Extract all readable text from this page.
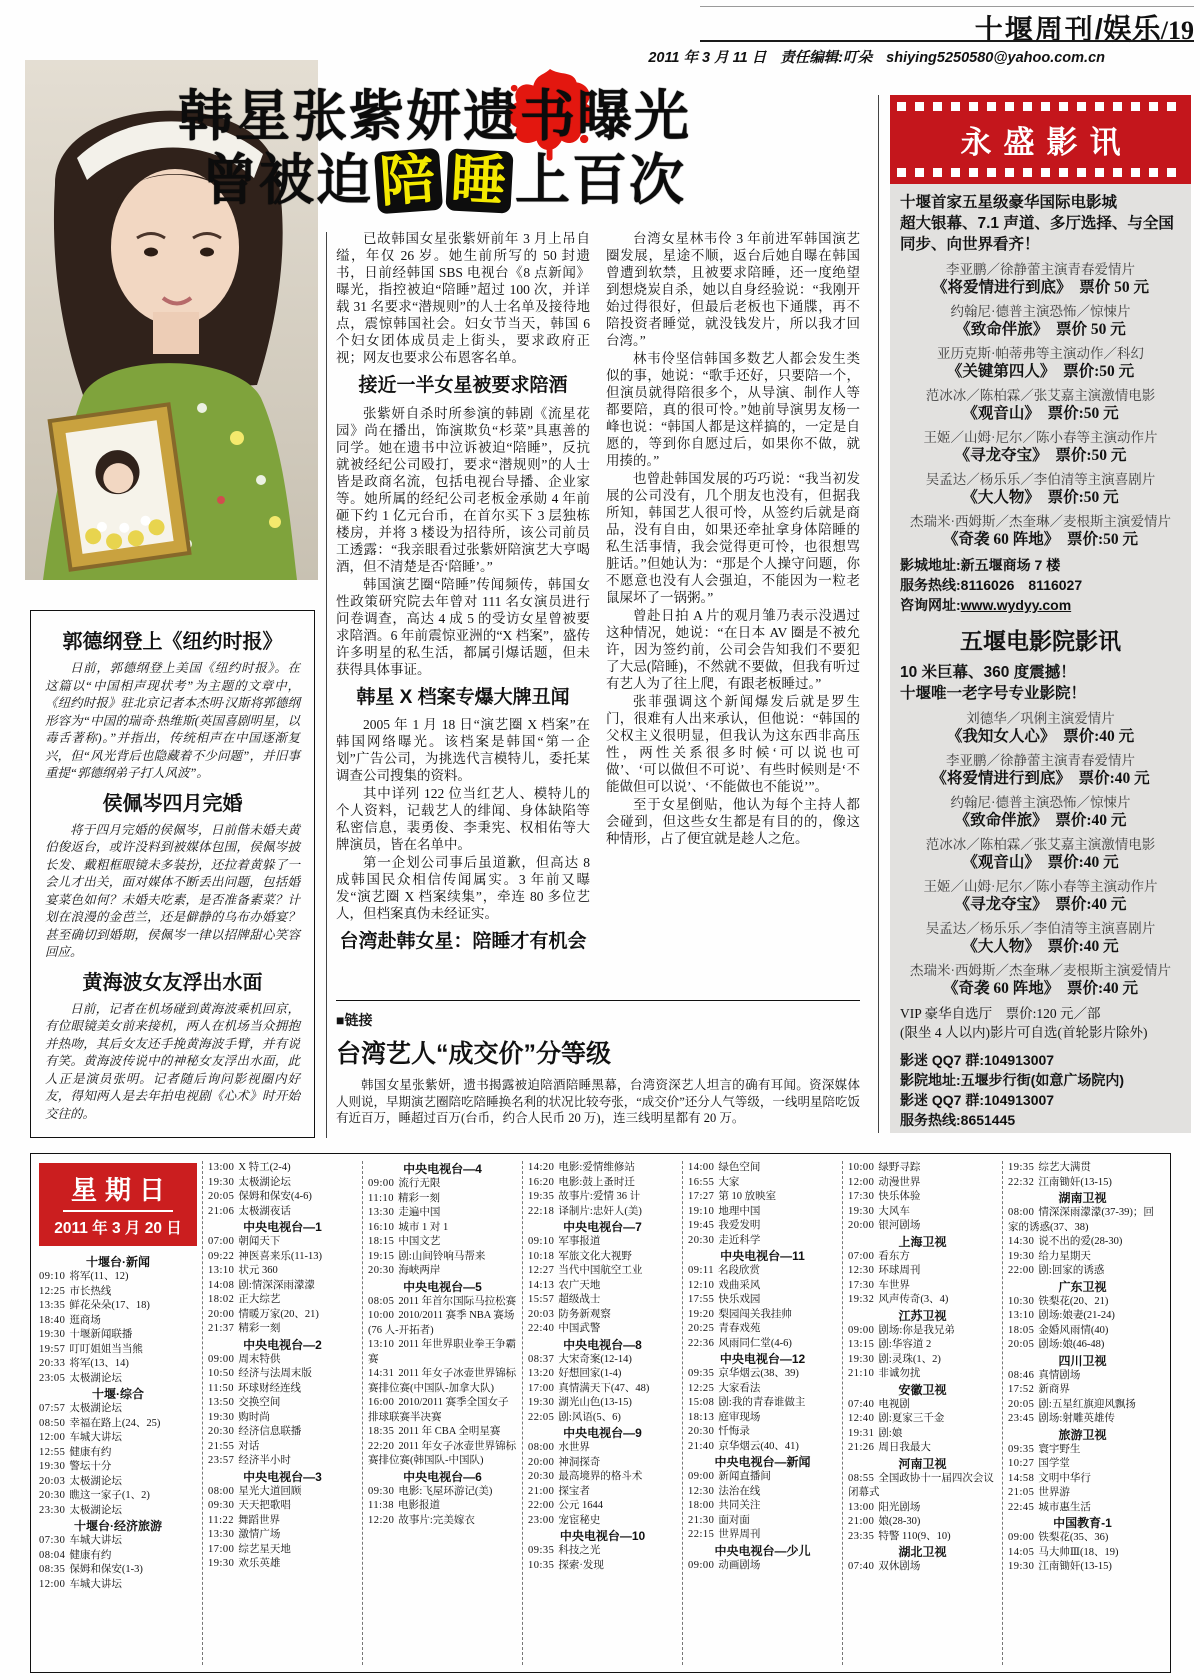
十堰周刊/娱乐/19
2011 年 3 月 11 日 责任编辑:叮朵 shiying5250580@yahoo.com.cn
韩星张紫妍遗
书曝光
曾被迫陪 睡上百次
已故韩国女星张紫妍前年 3 月上吊自缢，年仅 26 岁。她生前所写的 50 封遗书，日前经韩国 SBS 电视台《8 点新闻》曝光，指控被迫“陪睡”超过 100 次，并详载 31 名要求“潜规则”的人士名单及接待地点，震惊韩国社会。妇女节当天，韩国 6 个妇女团体成员走上街头，要求政府正视；网友也要求公布恩客名单。
接近一半女星被要求陪酒
张紫妍自杀时所参演的韩剧《流星花园》尚在播出，饰演欺负“杉菜”具惠善的同学。她在遗书中泣诉被迫“陪睡”，反抗就被经纪公司殴打，要求“潜规则”的人士皆是政商名流，包括电视台导播、企业家等。她所属的经纪公司老板金承勋 4 年前砸下约 1 亿元台币，在首尔买下 3 层独栋楼房，并将 3 楼设为招待所，该公司前员工透露：“我亲眼看过张紫妍陪演艺大亨喝酒，但不清楚是否‘陪睡’。”
韩国演艺圈“陪睡”传闻频传，韩国女性政策研究院去年曾对 111 名女演员进行问卷调查，高达 4 成 5 的受访女星曾被要求陪酒。6 年前震惊亚洲的“X 档案”，盛传许多明星的私生活，都属引爆话题，但未获得具体事证。
韩星 X 档案专爆大牌丑闻
2005 年 1 月 18 日“演艺圈 X 档案”在韩国网络曝光。该档案是韩国“第一企划”广告公司，为挑选代言模特儿，委托某调查公司搜集的资料。
其中详列 122 位当红艺人、模特儿的个人资料，记载艺人的绯闻、身体缺陷等私密信息，裴勇俊、李秉宪、权相佑等大牌演员，皆在名单中。
第一企划公司事后虽道歉，但高达 8 成韩国民众相信传闻属实。3 年前又曝发“演艺圈 X 档案续集”，牵连 80 多位艺人，但档案真伪未经证实。
台湾赴韩女星：陪睡才有机会
台湾女星林韦伶 3 年前进军韩国演艺圈发展，星途不顺，返台后她自曝在韩国曾遭到软禁，且被要求陪睡，还一度绝望到想烧炭自杀，她以自身经验说：“我刚开始过得很好，但最后老板也下通牒，再不陪投资者睡觉，就没钱发片，所以我才回台湾。”
林韦伶坚信韩国多数艺人都会发生类似的事，她说：“歌手还好，只要陪一个，但演员就得陪很多个，从导演、制作人等都要陪，真的很可怜。”她前导演男友杨一峰也说：“韩国人都是这样搞的，一定是自愿的，等到你自愿过后，如果你不做，就用揍的。”
也曾赴韩国发展的巧巧说：“我当初发展的公司没有，几个朋友也没有，但据我所知，韩国艺人很可怜，从签约后就是商品，没有自由，如果还牵扯拿身体陪睡的私生活事情，我会觉得更可怜，也很想骂脏话。”但她认为：“那是个人操守问题，你不愿意也没有人会强迫，不能因为一粒老鼠屎坏了一锅粥。”
曾赴日拍 A 片的观月雏乃表示没遇过这种情况，她说：“在日本 AV 圈是不被允许，因为签约前，公司会告知我们不要犯了大忌(陪睡)，不然就不要做，但我有听过有艺人为了往上爬，有跟老板睡过。”
张菲强调这个新闻爆发后就是罗生门，很难有人出来承认，但他说：“韩国的父权主义很明显，但我认为这东西非高压性，两性关系很多时候‘可以说也可做’、‘可以做但不可说’、有些时候则是‘不能做但可以说’、‘不能做也不能说’”。
至于女星倒贴，他认为每个主持人都会碰到，但这些女生都是有目的的，像这种情形，占了便宜就是趁人之危。
郭德纲登上《纽约时报》

日前，郭德纲登上美国《纽约时报》。在这篇以“中国相声现状考”为主题的文章中，《纽约时报》驻北京记者本杰明·汉斯将郭德纲形容为“中国的瑞奇·热维斯(英国喜剧明星，以毒舌著称)。”并指出，传统相声在中国逐渐复兴，但“风光背后也隐藏着不少问题”，并旧事重提“郭德纲弟子打人风波”。

侯佩岑四月完婚

将于四月完婚的侯佩岑，日前偕未婚夫黄伯俊返台，或许没料到被媒体包围，侯佩岑披长发、戴粗框眼镜未多装扮，还拉着黄躲了一会儿才出关，面对媒体不断丢出问题，包括婚宴菜色如何？未婚夫吃素，是否准备素菜？计划在浪漫的金芭兰，还是僻静的乌布办婚宴？甚至确切到婚期，侯佩岑一律以招牌甜心笑容回应。

黄海波女友浮出水面

日前，记者在机场碰到黄海波乘机回京，有位眼镜美女前来接机，两人在机场当众拥抱并热吻，其后女友还手挽黄海波手臂，并有说有笑。黄海波传说中的神秘女友浮出水面，此人正是演员张明。记者随后询问影视圈内好友，得知两人是去年拍电视剧《心术》时开始交往的。

■链接
台湾艺人“成交价”分等级

韩国女星张紫妍，遗书揭露被迫陪酒陪睡黑幕，台湾资深艺人坦言的确有耳闻。资深媒体人则说，早期演艺圈陪吃陪睡换名利的状况比较夸张，“成交价”还分人气等级，一线明星陪吃饭有近百万，睡超过百万(台币，约合人民币 20 万)，连三线明星都有 20 万。

永盛影讯
十堰首家五星级豪华国际电影城
超大银幕、7.1 声道、多厅选择、与全国同步、向世界看齐！
李亚鹏／徐静蕾主演青春爱情片
《将爱情进行到底》　 票价 50 元
约翰尼·德普主演恐怖／惊悚片
《致命伴旅》　 票价 50 元
亚历克斯·帕蒂弗等主演动作／科幻
《关键第四人》　 票价:50 元
范冰冰／陈柏霖／张艾嘉主演激情电影
《观音山》　 票价:50 元
王姬／山姆·尼尔／陈小春等主演动作片
《寻龙夺宝》　 票价:50 元
吴孟达／杨乐乐／李伯清等主演喜剧片
《大人物》　 票价:50 元
杰瑞米·西姆斯／杰奎琳／麦根斯主演爱情片
《奇袭 60 阵地》　 票价:50 元
影城地址:新五堰商场 7 楼
服务热线:8116026　8116027
咨询网址:www.wydyy.com
五堰电影院影讯
10 米巨幕、360 度震撼！
十堰唯一老字号专业影院！
刘德华／巩俐主演爱情片
《我知女人心》　 票价:40 元
李亚鹏／徐静蕾主演青春爱情片
《将爱情进行到底》　 票价:40 元
约翰尼·德普主演恐怖／惊悚片
《致命伴旅》　 票价:40 元
范冰冰／陈柏霖／张艾嘉主演激情电影
《观音山》　 票价:40 元
王姬／山姆·尼尔／陈小春等主演动作片
《寻龙夺宝》　 票价:40 元
吴孟达／杨乐乐／李伯清等主演喜剧片
《大人物》　 票价:40 元
杰瑞米·西姆斯／杰奎琳／麦根斯主演爱情片
《奇袭 60 阵地》　 票价:40 元
VIP 豪华自选厅　票价:120 元／部
(限坐 4 人以内)影片可自选(首轮影片除外)
影迷 QQ7 群:104913007
影院地址:五堰步行街(如意广场院内)
影迷 QQ7 群:104913007
服务热线:8651445
星期日
2011 年 3 月 20 日
十堰台·新闻
09:10 将军(11、12)
12:25 市长热线
13:35 鲜花朵朵(17、18)
18:40 逛商场
19:30 十堰新闻联播
19:57 叮叮姐姐当当熊
20:33 将军(13、14)
23:05 太极湖论坛
十堰·综合
07:57 太极湖论坛
08:50 幸福在路上(24、25)
12:00 车城大讲坛
12:55 健康有约
19:30 警坛十分
20:03 太极湖论坛
20:30 瞧这一家子(1、2)
23:30 太极湖论坛
十堰台·经济旅游
07:30 车城大讲坛
08:04 健康有约
08:35 保姆和保安(1-3)
12:00 车城大讲坛
13:00 X 特工(2-4)
19:30 太极湖论坛
20:05 保姆和保安(4-6)
21:06 太极湖夜话
中央电视台—1
07:00 朝闻天下
09:22 神医喜来乐(11-13)
13:10 状元 360
14:08 剧:情深深雨濛濛
18:02 正大综艺
20:00 情暖万家(20、21)
21:37 精彩一刻
中央电视台—2
09:00 周末特供
10:50 经济与法周末版
11:50 环球财经连线
13:50 交换空间
19:30 购时尚
20:30 经济信息联播
21:55 对话
23:57 经济半小时
中央电视台—3
08:00 星光大道回顾
09:30 天天把歌唱
11:22 舞蹈世界
13:30 激情广场
17:00 综艺星天地
19:30 欢乐英雄
中央电视台—4
09:00 流行无限
11:10 精彩一刻
13:30 走遍中国
16:10 城市 1 对 1
18:15 中国文艺
19:15 剧:山间铃响马帮来
20:30 海峡两岸
中央电视台—5
08:05 2011 年首尔国际马拉松赛
10:00 2010/2011 赛季 NBA 赛场(76 人-开拓者)
13:10 2011 年世界职业拳王争霸赛
14:31 2011 年女子冰壶世界锦标赛排位赛(中国队-加拿大队)
16:00 2010/2011 赛季全国女子排球联赛半决赛
18:35 2011 年 CBA 全明星赛
22:20 2011 年女子冰壶世界锦标赛排位赛(韩国队-中国队)
中央电视台—6
09:30 电影:飞屋环游记(美)
11:38 电影报道
12:20 故事片:完美嫁衣
14:20 电影:爱情维修站
16:20 电影:鼓上蚤时迁
19:35 故事片:爱情 36 计
22:18 译制片:忠奸人(美)
中央电视台—7
09:10 军事报道
10:18 军旅文化大视野
12:27 当代中国航空工业
14:13 农广天地
15:57 超级战士
20:03 防务新观察
22:40 中国武警
中央电视台—8
08:37 大宋奇案(12-14)
13:20 好想回家(1-4)
17:00 真情满天下(47、48)
19:30 湖光山色(13-15)
22:05 剧:风语(5、6)
中央电视台—9
08:00 水世界
20:00 神洞探奇
20:30 最高境界的格斗术
21:00 探宝者
22:00 公元 1644
23:00 宠宦秘史
中央电视台—10
09:35 科技之光
10:35 探索·发现
14:00 绿色空间
16:55 大家
17:27 第 10 放映室
19:10 地理中国
19:45 我爱发明
20:30 走近科学
中央电视台—11
09:11 名段欣赏
12:10 戏曲采风
17:55 快乐戏园
19:20 梨园闯关我挂帅
20:25 青春戏苑
22:36 风雨同仁堂(4-6)
中央电视台—12
09:35 京华烟云(38、39)
12:25 大家看法
15:08 剧:我的青春谁做主
18:13 庭审现场
20:30 忏悔录
21:40 京华烟云(40、41)
中央电视台—新闻
09:00 新闻直播间
12:30 法治在线
18:00 共同关注
21:30 面对面
22:15 世界周刊
中央电视台—少儿
09:00 动画剧场
10:00 绿野寻踪
12:00 动漫世界
17:30 快乐体验
19:30 大风车
20:00 银河剧场
上海卫视
07:00 看东方
12:30 环球周刊
17:30 车世界
19:32 风声传奇(3、4)
江苏卫视
09:00 剧场:你是我兄弟
13:15 剧:华容道 2
19:30 剧:灵珠(1、2)
21:10 非诚勿扰
安徽卫视
07:40 电视剧
12:40 剧:夏家三千金
19:31 剧:娘
21:26 周日我最大
河南卫视
08:55 全国政协十一届四次会议闭幕式
13:00 阳光剧场
21:00 娘(28-30)
23:35 特警 110(9、10)
湖北卫视
07:40 双休剧场
19:35 综艺大满贯
22:32 江南锄奸(13-15)
湖南卫视
08:00 情深深雨濛濛(37-39)；回家的诱惑(37、38)
14:30 说不出的爱(28-30)
19:30 给力星期天
22:00 剧:回家的诱惑
广东卫视
10:30 铁梨花(20、21)
13:10 剧场:娘妻(21-24)
18:05 金婚风雨情(40)
20:05 剧场:娘(46-48)
四川卫视
08:46 真情剧场
17:52 新商界
20:05 剧:五星红旗迎风飘扬
23:45 剧场:射雕英雄传
旅游卫视
09:35 寰宇野生
10:27 国学堂
14:58 文明中华行
21:05 世界游
22:45 城市惠生活
中国教育-1
09:00 铁梨花(35、36)
14:05 马大帅Ⅲ(18、19)
19:30 江南锄奸(13-15)
